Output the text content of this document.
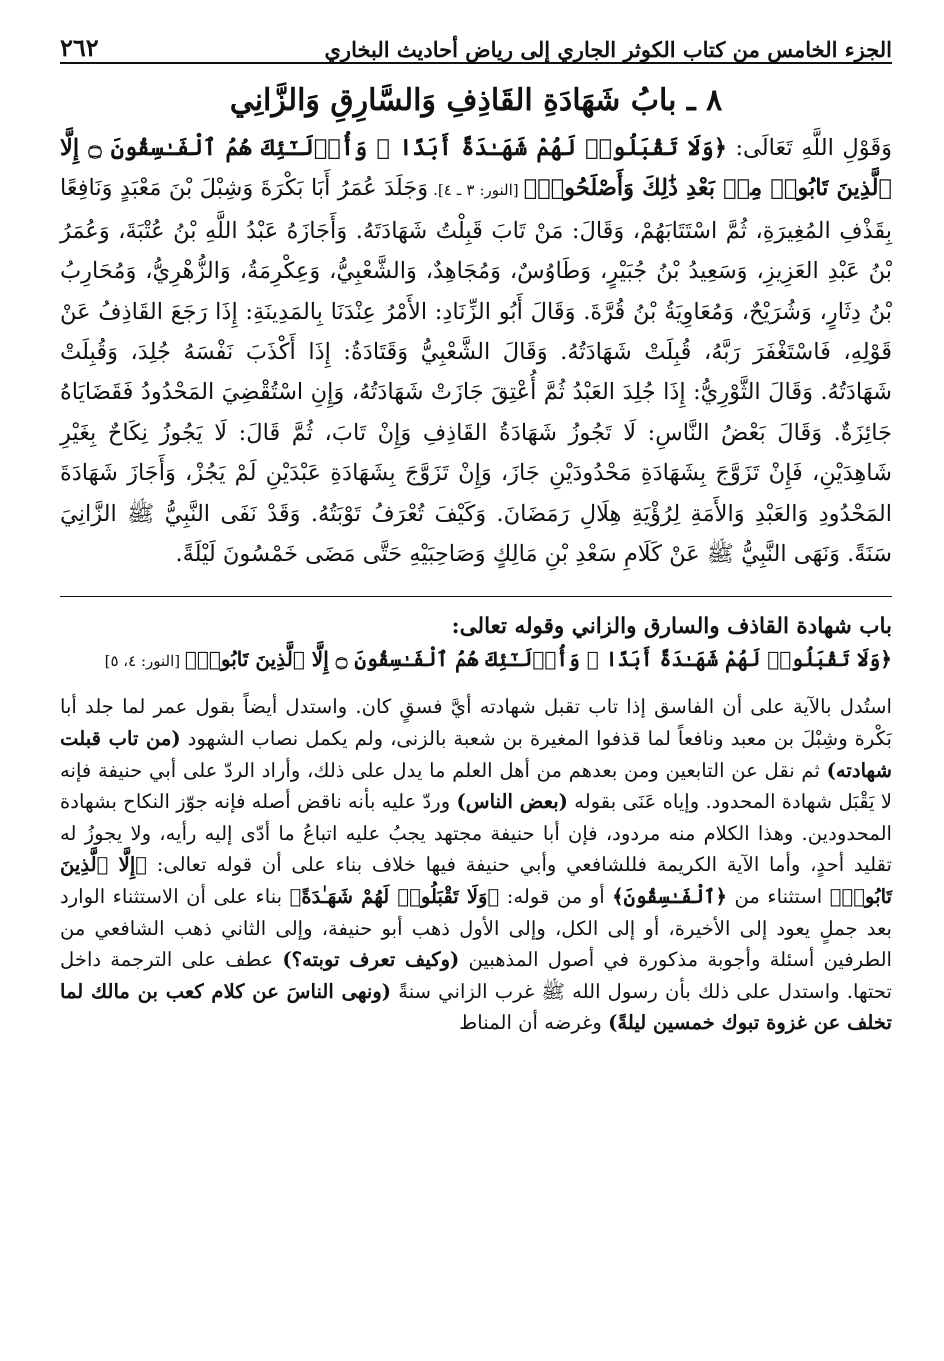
الجزء الخامس من كتاب الكوثر الجاري إلى رياض أحاديث البخاري
٢٦٢
٨ ـ بابُ شَهَادَةِ القَاذِفِ وَالسَّارِقِ وَالزَّانِي

وَقَوْلِ اللَّهِ تَعَالَى: ﴿وَلَا تَقْبَلُوا۟ لَهُمْ شَهَـٰدَةً أَبَدًا ۚ وَأُو۟لَـٰٓئِكَ هُمُ ٱلْفَـٰسِقُونَ ۝ إِلَّا ٱلَّذِينَ تَابُوا۟ مِنۢ بَعْدِ ذَٰلِكَ وَأَصْلَحُوا۟﴾ [النور: ٣ ـ ٤]. وَجَلَدَ عُمَرُ أَبَا بَكْرَةَ وَشِبْلَ بْنَ مَعْبَدٍ وَنَافِعًا بِقَذْفِ المُغِيرَةِ، ثُمَّ اسْتَتَابَهُمْ، وَقَالَ: مَنْ تَابَ قَبِلْتُ شَهَادَتَهُ. وَأَجَازَهُ عَبْدُ اللَّهِ بْنُ عُتْبَةَ، وَعُمَرُ بْنُ عَبْدِ العَزِيزِ، وَسَعِيدُ بْنُ جُبَيْرٍ، وَطَاوُسٌ، وَمُجَاهِدٌ، وَالشَّعْبِيُّ، وَعِكْرِمَةُ، وَالزُّهْرِيُّ، وَمُحَارِبُ بْنُ دِثَارٍ، وَشُرَيْحٌ، وَمُعَاوِيَةُ بْنُ قُرَّةَ. وَقَالَ أَبُو الزِّنَادِ: الأَمْرُ عِنْدَنَا بِالمَدِينَةِ: إِذَا رَجَعَ القَاذِفُ عَنْ قَوْلِهِ، فَاسْتَغْفَرَ رَبَّهُ، قُبِلَتْ شَهَادَتُهُ. وَقَالَ الشَّعْبِيُّ وَقَتَادَةُ: إِذَا أَكْذَبَ نَفْسَهُ جُلِدَ، وَقُبِلَتْ شَهَادَتُهُ. وَقَالَ الثَّوْرِيُّ: إِذَا جُلِدَ العَبْدُ ثُمَّ أُعْتِقَ جَازَتْ شَهَادَتُهُ، وَإِنِ اسْتُقْضِيَ المَحْدُودُ فَقَضَايَاهُ جَائِزَةٌ. وَقَالَ بَعْضُ النَّاسِ: لَا تَجُوزُ شَهَادَةُ القَاذِفِ وَإِنْ تَابَ، ثُمَّ قَالَ: لَا يَجُوزُ نِكَاحٌ بِغَيْرِ شَاهِدَيْنِ، فَإِنْ تَزَوَّجَ بِشَهَادَةِ مَحْدُودَيْنِ جَازَ، وَإِنْ تَزَوَّجَ بِشَهَادَةِ عَبْدَيْنِ لَمْ يَجُزْ، وَأَجَازَ شَهَادَةَ المَحْدُودِ وَالعَبْدِ وَالأَمَةِ لِرُؤْيَةِ هِلَالِ رَمَضَانَ. وَكَيْفَ تُعْرَفُ تَوْبَتُهُ. وَقَدْ نَفَى النَّبِيُّ ﷺ الزَّانِيَ سَنَةً. وَنَهَى النَّبِيُّ ﷺ عَنْ كَلَامِ سَعْدِ بْنِ مَالِكٍ وَصَاحِبَيْهِ حَتَّى مَضَى خَمْسُونَ لَيْلَةً.

باب شهادة القاذف والسارق والزاني وقوله تعالى:
﴿وَلَا تَقْبَلُوا۟ لَهُمْ شَهَـٰدَةً أَبَدًا ۚ وَأُو۟لَـٰٓئِكَ هُمُ ٱلْفَـٰسِقُونَ ۝ إِلَّا ٱلَّذِينَ تَابُوا۟﴾ [النور: ٤، ٥]

استُدل بالآية على أن الفاسق إذا تاب تقبل شهادته أيَّ فسقٍ كان. واستدل أيضاً بقول عمر لما جلد أبا بَكْرة وشِبْلَ بن معبد ونافعاً لما قذفوا المغيرة بن شعبة بالزنى، ولم يكمل نصاب الشهود (من تاب قبلت شهادته) ثم نقل عن التابعين ومن بعدهم من أهل العلم ما يدل على ذلك، وأراد الردّ على أبي حنيفة فإنه لا يَقْبَل شهادة المحدود. وإياه عَنَى بقوله (بعض الناس) وردّ عليه بأنه ناقض أصله فإنه جوّز النكاح بشهادة المحدودين. وهذا الكلام منه مردود، فإن أبا حنيفة مجتهد يجبُ عليه اتباعُ ما أدّى إليه رأيه، ولا يجوزُ له تقليد أحدٍ، وأما الآية الكريمة فللشافعي وأبي حنيفة فيها خلاف بناء على أن قوله تعالى: ﴿إِلَّا ٱلَّذِينَ تَابُوا۟﴾ استثناء من ﴿ٱلْفَـٰسِقُونَ﴾ أو من قوله: ﴿وَلَا تَقْبَلُوا۟ لَهُمْ شَهَـٰدَةً﴾ بناء على أن الاستثناء الوارد بعد جملٍ يعود إلى الأخيرة، أو إلى الكل، وإلى الأول ذهب أبو حنيفة، وإلى الثاني ذهب الشافعي من الطرفين أسئلة وأجوبة مذكورة في أصول المذهبين (وكيف تعرف توبته؟) عطف على الترجمة داخل تحتها. واستدل على ذلك بأن رسول الله ﷺ غرب الزاني سنةً (ونهى الناسَ عن كلام كعب بن مالك لما تخلف عن غزوة تبوك خمسين ليلةً) وغرضه أن المناط
